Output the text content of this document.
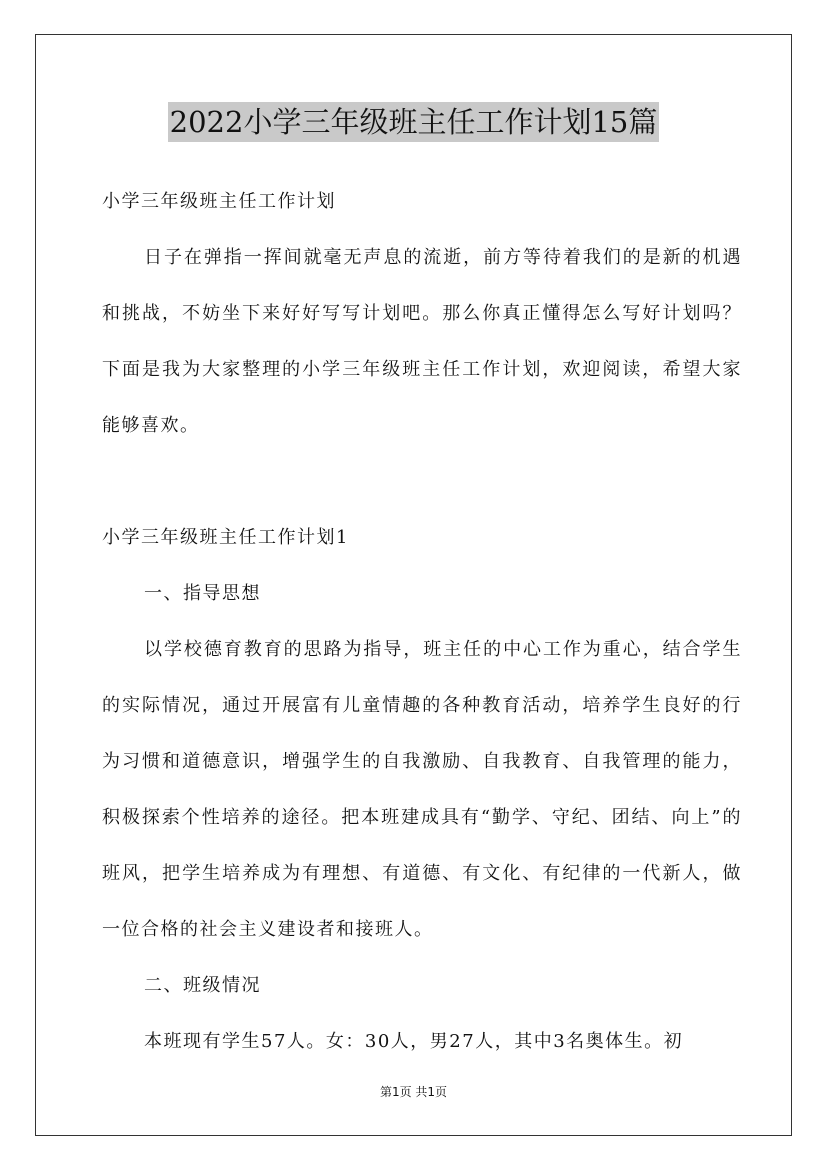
2022小学三年级班主任工作计划15篇

小学三年级班主任工作计划

日子在弹指一挥间就毫无声息的流逝，前方等待着我们的是新的机遇和挑战，不妨坐下来好好写写计划吧。那么你真正懂得怎么写好计划吗？下面是我为大家整理的小学三年级班主任工作计划，欢迎阅读，希望大家能够喜欢。

小学三年级班主任工作计划1

一、指导思想

以学校德育教育的思路为指导，班主任的中心工作为重心，结合学生的实际情况，通过开展富有儿童情趣的各种教育活动，培养学生良好的行为习惯和道德意识，增强学生的自我激励、自我教育、自我管理的能力，积极探索个性培养的途径。把本班建成具有“勤学、守纪、团结、向上”的班风，把学生培养成为有理想、有道德、有文化、有纪律的一代新人，做一位合格的社会主义建设者和接班人。

二、班级情况

本班现有学生57人。女：30人，男27人，其中3名奥体生。初

第1页 共1页
